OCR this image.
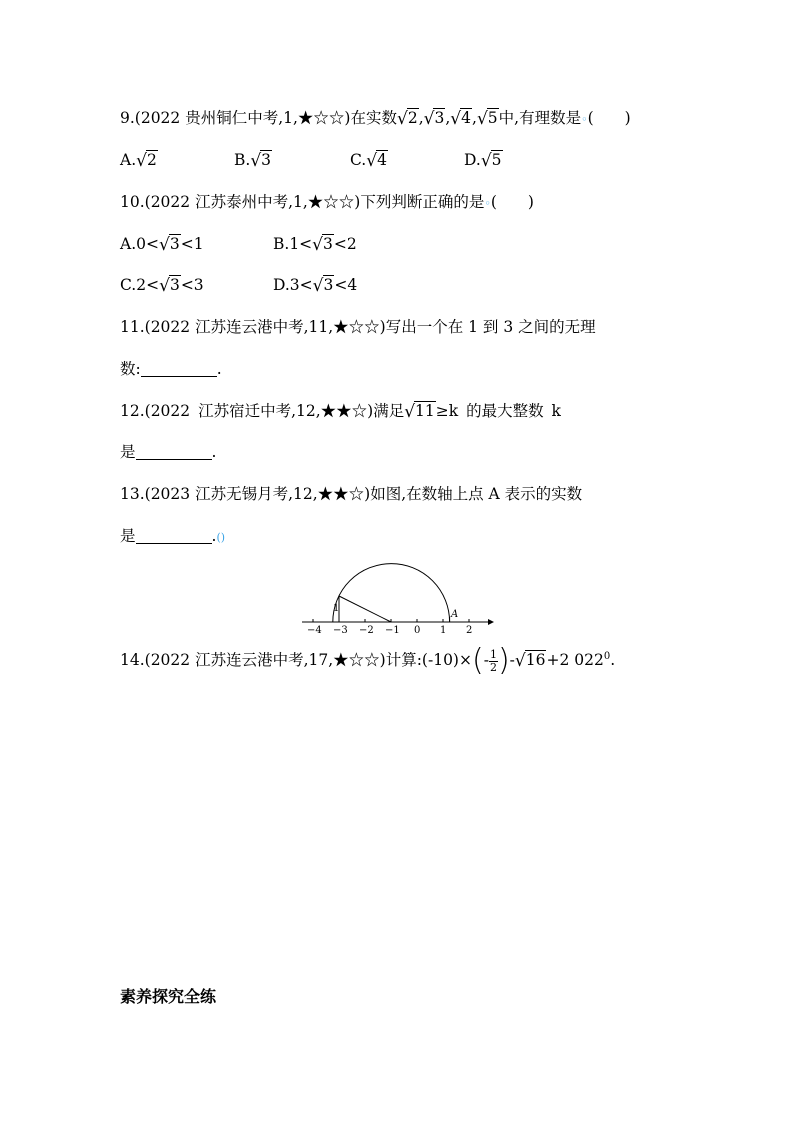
9.(2022 贵州铜仁中考,1,★☆☆)在实数√2,√3,√4,√5中,有理数是◦(　　)
A.√2	B.√3	C.√4	D.√5
10.(2022 江苏泰州中考,1,★☆☆)下列判断正确的是◦(　　)
A.0<√3<1	B.1<√3<2
C.2<√3<3	D.3<√3<4
11.(2022 江苏连云港中考,11,★☆☆)写出一个在 1 到 3 之间的无理
数:	.
12.(2022 江苏宿迁中考,12,★★☆)满足√11≥k 的最大整数 k
是	.
13.(2023 江苏无锡月考,12,★★☆)如图,在数轴上点 A 表示的实数
是	.()
1
A
−4 −3 −2 −1 0 1 2
14.(2022 江苏连云港中考,17,★☆☆)计算:(-10)×(- $\frac{1}{2} )-√16+2$ $022^0$.
素养探究全练
